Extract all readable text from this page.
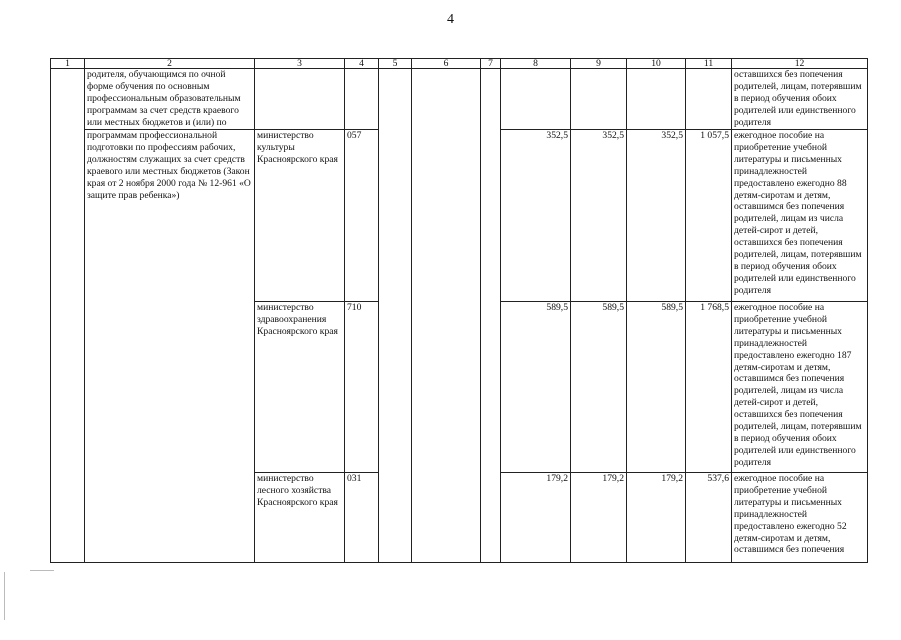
4
1	2	3	4	5	6	7	8	9	10	11	12
	родителя, обучающимся по очной форме обучения по основным профессиональным образовательным программам за счет средств краевого или местных бюджетов и (или) по										оставшихся без попечения родителей, лицам, потерявшим в период обучения обоих родителей или единственного родителя
	программам профессиональной подготовки по профессиям рабочих, должностям служащих за счет средств краевого или местных бюджетов (Закон края от 2 ноября 2000 года № 12-961 «О защите прав ребенка»)	министерство культуры Красноярского края	057				352,5	352,5	352,5	1 057,5	ежегодное пособие на приобретение учебной литературы и письменных принадлежностей предоставлено ежегодно 88 детям-сиротам и детям, оставшимся без попечения родителей, лицам из числа детей-сирот и детей, оставшихся без попечения родителей, лицам, потерявшим в период обучения обоих родителей или единственного родителя
		министерство здравоохранения Красноярского края	710				589,5	589,5	589,5	1 768,5	ежегодное пособие на приобретение учебной литературы и письменных принадлежностей предоставлено ежегодно 187 детям-сиротам и детям, оставшимся без попечения родителей, лицам из числа детей-сирот и детей, оставшихся без попечения родителей, лицам, потерявшим в период обучения обоих родителей или единственного родителя
		министерство лесного хозяйства Красноярского края	031				179,2	179,2	179,2	537,6	ежегодное пособие на приобретение учебной литературы и письменных принадлежностей предоставлено ежегодно 52 детям-сиротам и детям, оставшимся без попечения
